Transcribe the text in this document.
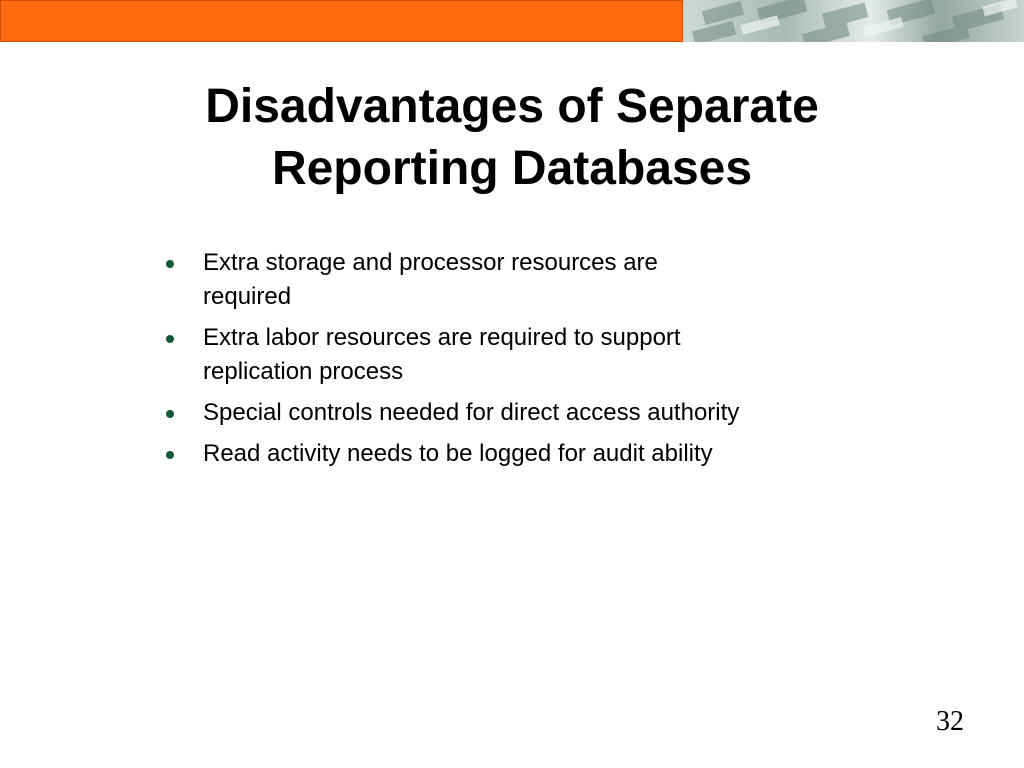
Disadvantages of Separate
Reporting Databases
Extra storage and processor resources are
required
Extra labor resources are required to support
replication process
Special controls needed for direct access authority
Read activity needs to be logged for audit ability
32
